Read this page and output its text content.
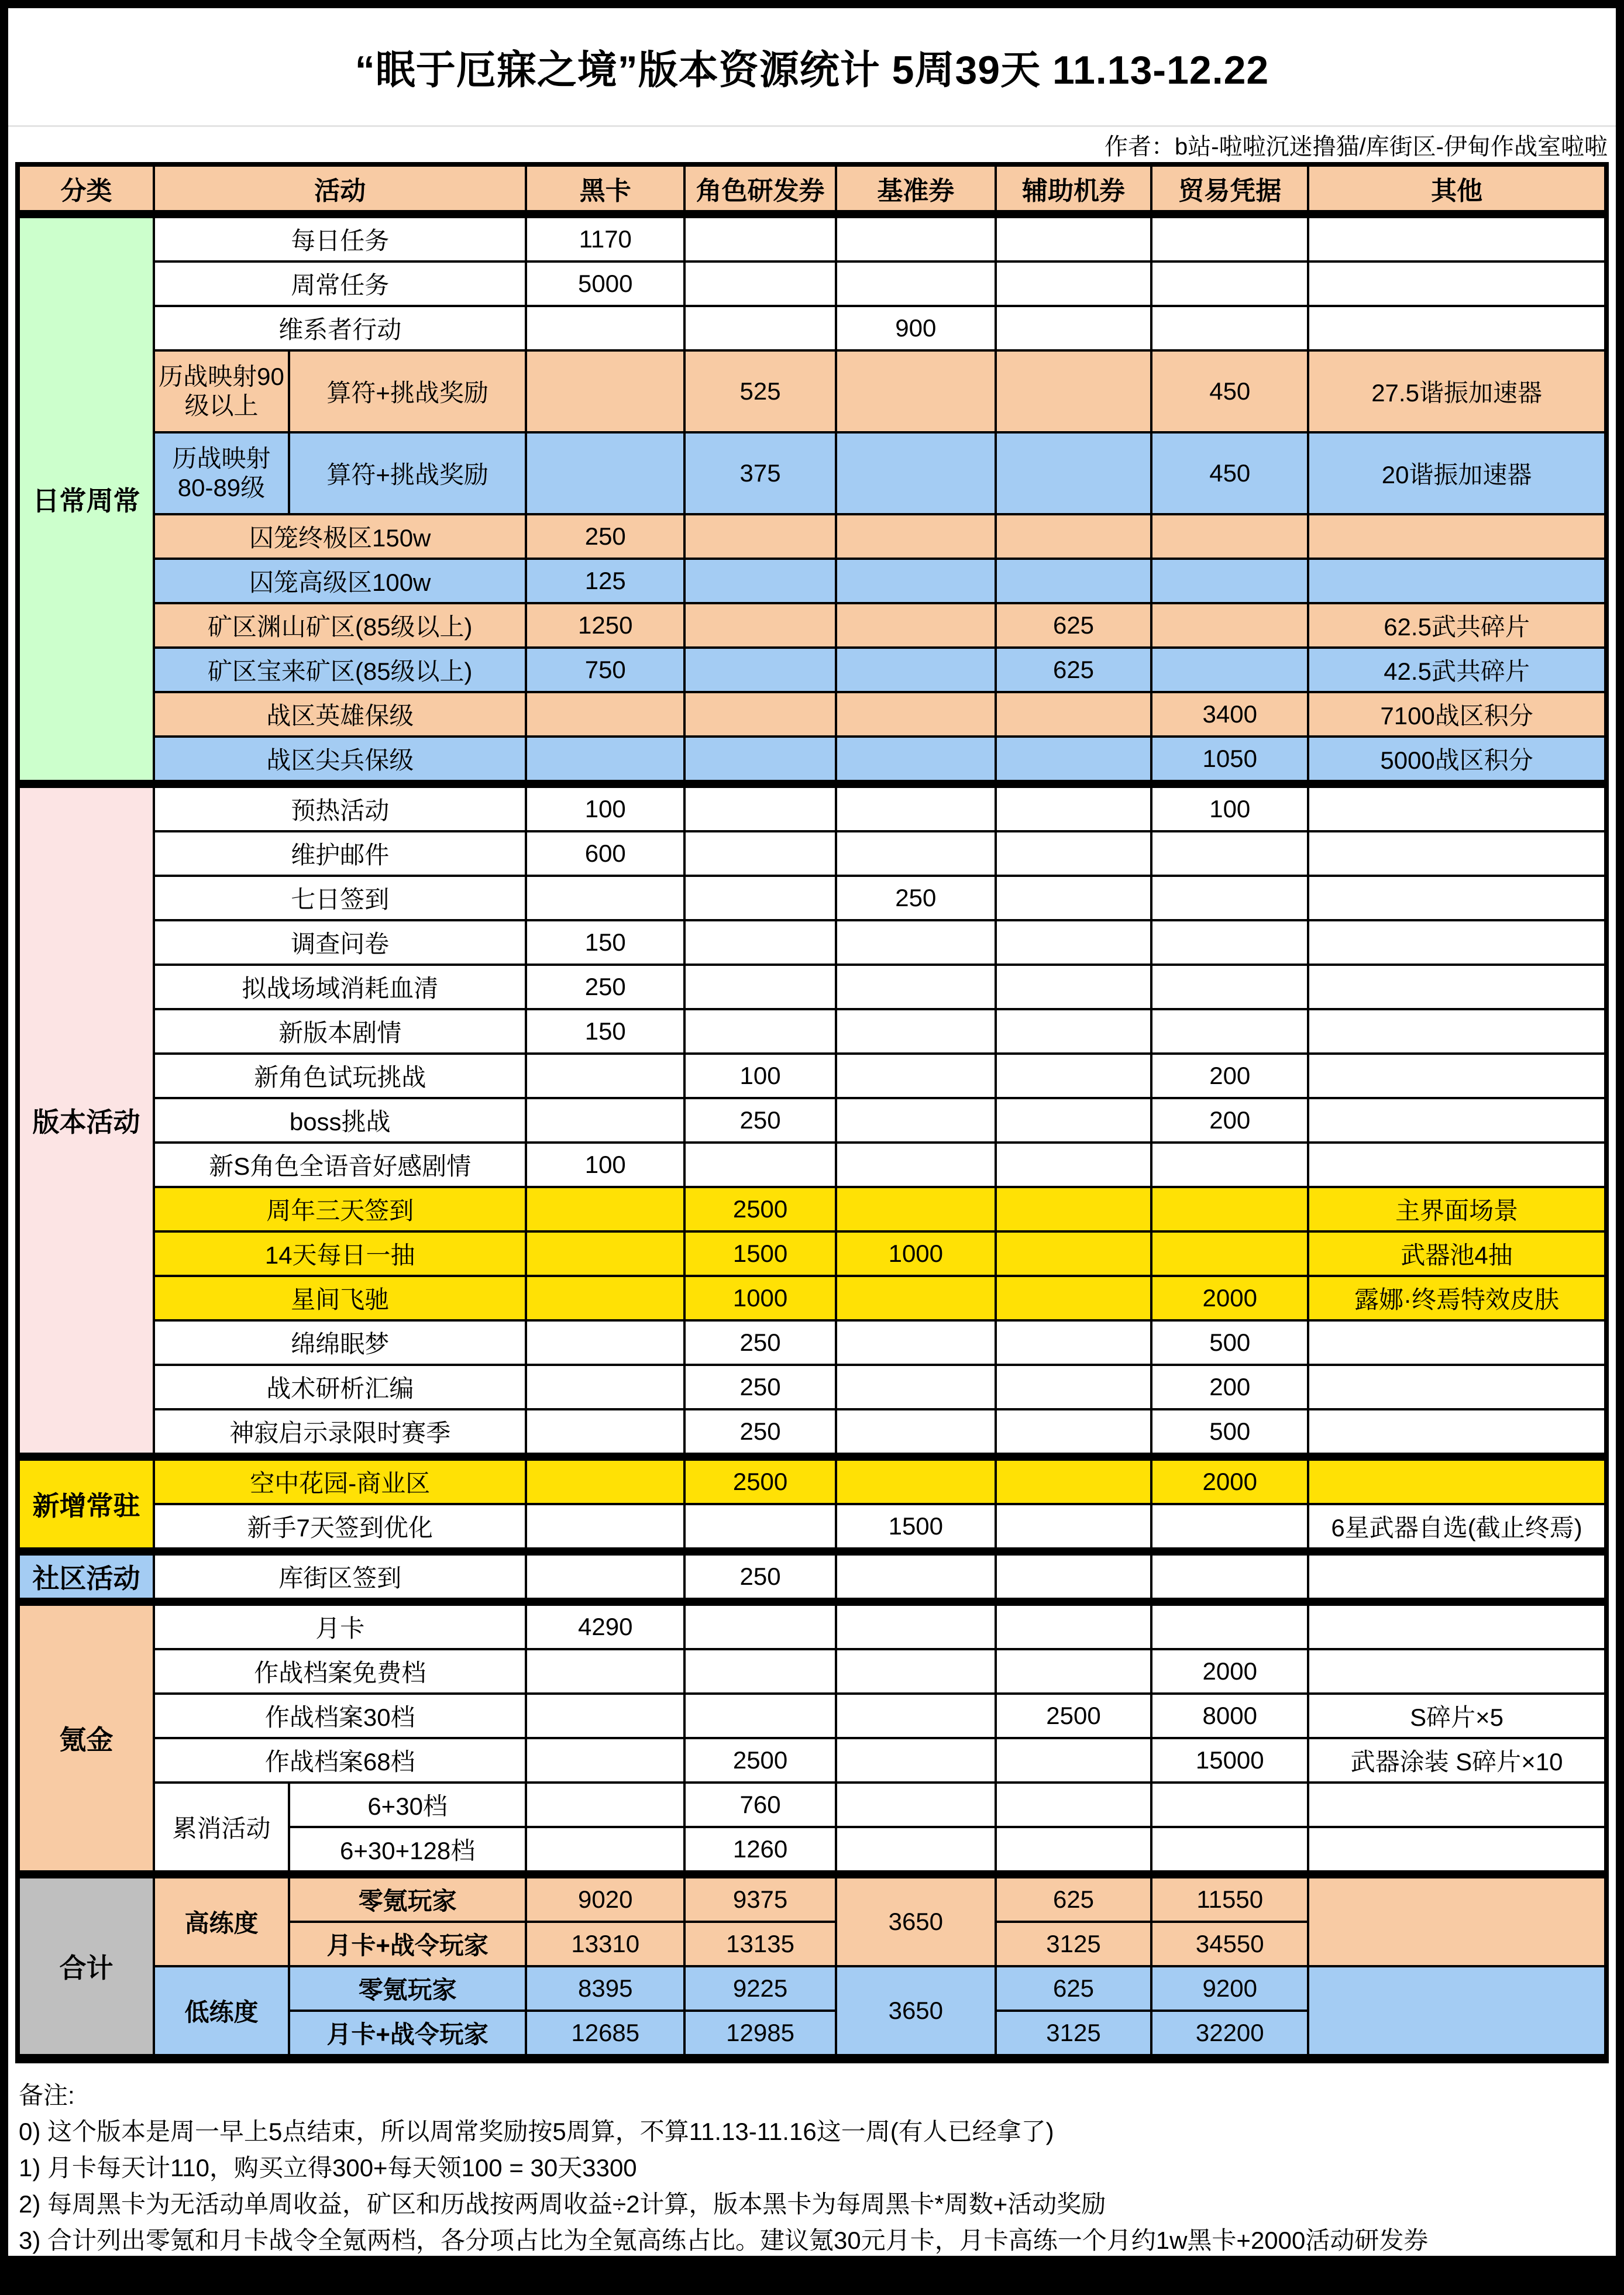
“眠于厄寐之境”版本资源统计 5周39天 11.13-12.22
作者：b站-啦啦沉迷撸猫/库街区-伊甸作战室啦啦
分类	活动		黑卡	角色研发券	基准券	辅助机券	贸易凭据	其他
日常周常	每日任务		1170					
	周常任务		5000					
	维系者行动				900			
	历战映射90级以上	算符+挑战奖励		525			450	27.5谐振加速器
	历战映射80-89级	算符+挑战奖励		375			450	20谐振加速器
	囚笼终极区150w		250					
	囚笼高级区100w		125					
	矿区渊山矿区(85级以上)		1250			625		62.5武共碎片
	矿区宝来矿区(85级以上)		750			625		42.5武共碎片
	战区英雄保级						3400	7100战区积分
	战区尖兵保级						1050	5000战区积分
版本活动	预热活动		100				100	
	维护邮件		600					
	七日签到				250			
	调查问卷		150					
	拟战场域消耗血清		250					
	新版本剧情		150					
	新角色试玩挑战			100			200	
	boss挑战			250			200	
	新S角色全语音好感剧情		100					
	周年三天签到			2500				主界面场景
	14天每日一抽			1500	1000			武器池4抽
	星间飞驰			1000			2000	露娜·终焉特效皮肤
	绵绵眠梦			250			500	
	战术研析汇编			250			200	
	神寂启示录限时赛季			250			500	
新增常驻	空中花园-商业区			2500			2000	
	新手7天签到优化				1500			6星武器自选(截止终焉)
社区活动	库街区签到			250				
氪金	月卡		4290					
	作战档案免费档						2000	
	作战档案30档					2500	8000	S碎片×5
	作战档案68档			2500			15000	武器涂装 S碎片×10
	累消活动	6+30档		760				
		6+30+128档		1260				
合计	高练度	零氪玩家	9020	9375	3650	625	11550	
		月卡+战令玩家	13310	13135		3125	34550	
	低练度	零氪玩家	8395	9225	3650	625	9200	
		月卡+战令玩家	12685	12985		3125	32200	
备注:
0) 这个版本是周一早上5点结束，所以周常奖励按5周算，不算11.13-11.16这一周(有人已经拿了)
1) 月卡每天计110，购买立得300+每天领100 = 30天3300
2) 每周黑卡为无活动单周收益，矿区和历战按两周收益÷2计算，版本黑卡为每周黑卡*周数+活动奖励
3) 合计列出零氪和月卡战令全氪两档，各分项占比为全氪高练占比。建议氪30元月卡，月卡高练一个月约1w黑卡+2000活动研发券
4) 橙色为高练度奖励，蓝色为低练度奖励。黑卡差距不大，主要差在囚笼头骨、武器共鸣等。
